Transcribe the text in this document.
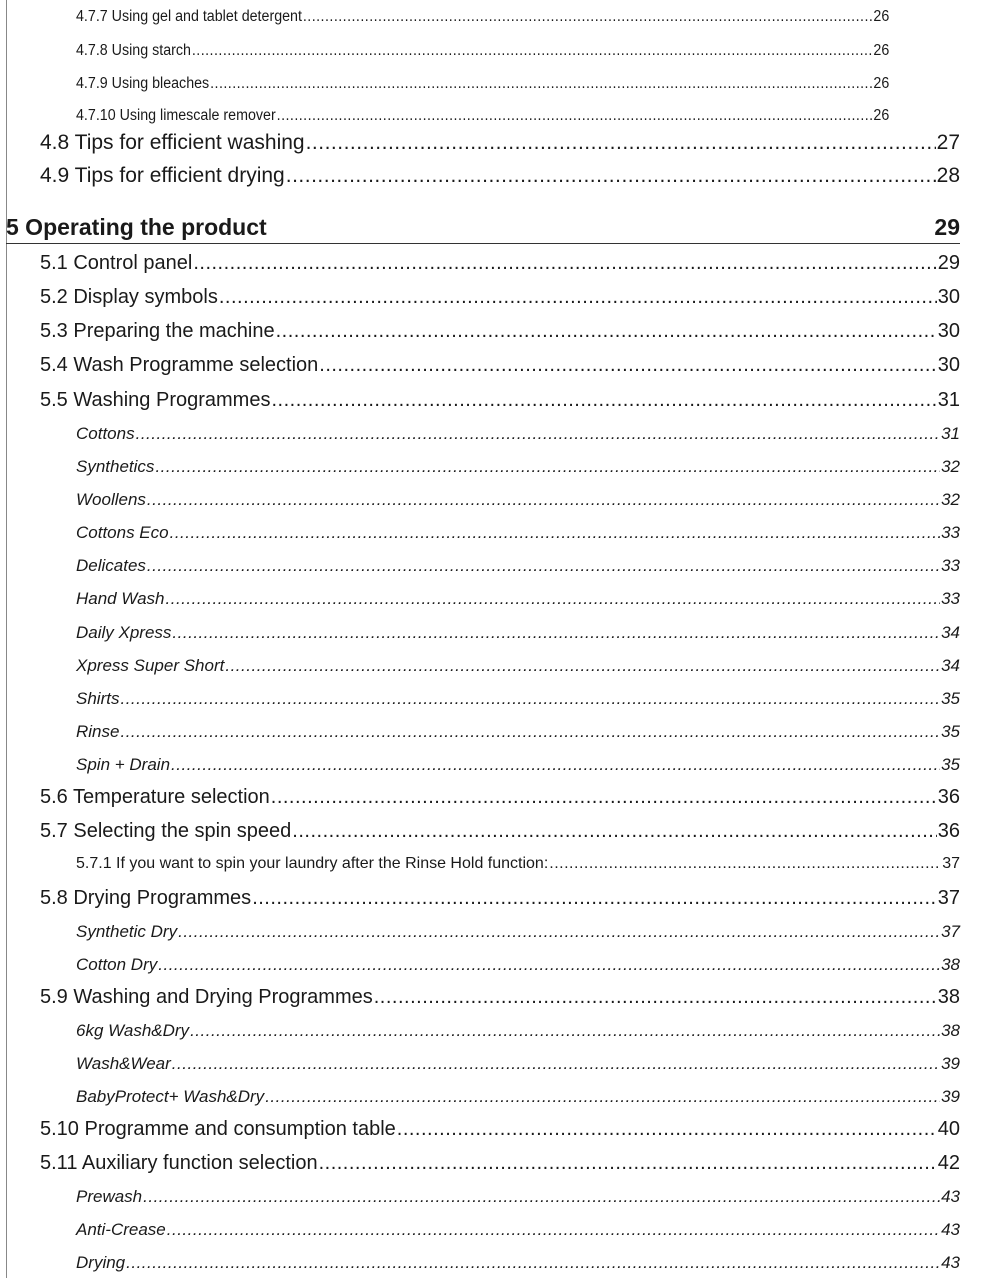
4.7.7 Using gel and tablet detergent .....	26
4.7.8 Using starch .....	26
4.7.9 Using bleaches .....	26
4.7.10 Using limescale remover .....	26
4.8 Tips for efficient washing .....	27
4.9 Tips for efficient drying .....	28
5 Operating the product	29
5.1 Control panel .....	29
5.2 Display symbols .....	30
5.3 Preparing the machine .....	30
5.4 Wash Programme selection .....	30
5.5 Washing Programmes .....	31
Cottons .....	31
Synthetics .....	32
Woollens .....	32
Cottons Eco .....	33
Delicates .....	33
Hand Wash .....	33
Daily Xpress .....	34
Xpress Super Short .....	34
Shirts .....	35
Rinse .....	35
Spin + Drain .....	35
5.6 Temperature selection .....	36
5.7 Selecting the spin speed .....	36
5.7.1 If you want to spin your laundry after the Rinse Hold function: .....	37
5.8 Drying Programmes .....	37
Synthetic Dry .....	37
Cotton Dry .....	38
5.9 Washing and Drying Programmes .....	38
6kg Wash&Dry .....	38
Wash&Wear .....	39
BabyProtect+ Wash&Dry .....	39
5.10 Programme and consumption table .....	40
5.11 Auxiliary function selection .....	42
Prewash .....	43
Anti-Crease .....	43
Drying .....	43
